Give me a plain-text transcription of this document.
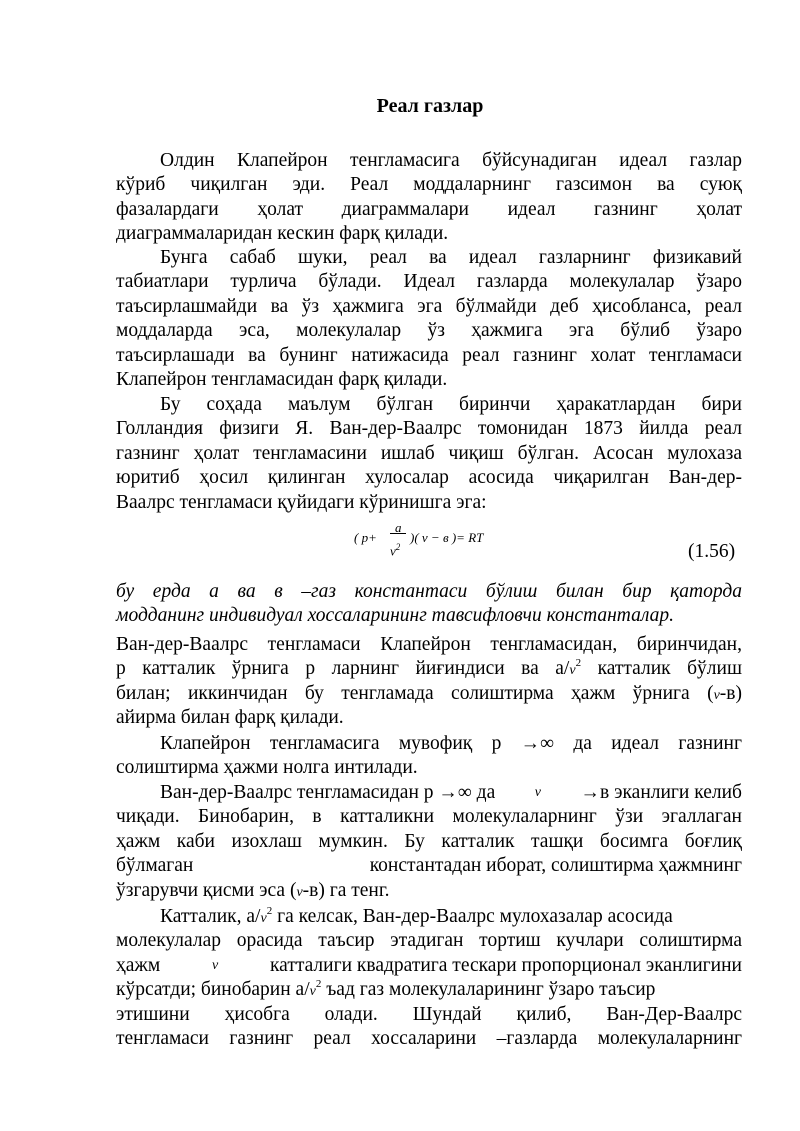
Реал газлар
Олдин Клапейрон тенгламасига бўйсунадиган идеал газлар
кўриб чиқилган эди. Реал моддаларнинг газсимон ва суюқ
фазалардаги ҳолат диаграммалари идеал газнинг ҳолат
диаграммаларидан кескин фарқ қилади.
Бунга сабаб шуки, реал ва идеал газларнинг физикавий
табиатлари турлича бўлади. Идеал газларда молекулалар ўзаро
таъсирлашмайди ва ўз ҳажмига эга бўлмайди деб ҳисобланса, реал
моддаларда эса, молекулалар ўз ҳажмига эга бўлиб ўзаро
таъсирлашади ва бунинг натижасида реал газнинг холат тенгламаси
Клапейрон тенгламасидан фарқ қилади.
Бу соҳада маълум бўлган биринчи ҳаракатлардан бири
Голландия физиги Я. Ван-дер-Ваалрс томонидан 1873 йилда реал
газнинг ҳолат тенгламасини ишлаб чиқиш бўлган. Асосан мулохаза
юритиб ҳосил қилинган хулосалар асосида чиқарилган Ван-дер-
Ваалрс тенгламаси қуйидаги кўринишга эга:
( p+
a
$v^2$
)( v − в )= RT
(1.56)
бу ерда а ва в –газ константаси бўлиш билан бир қаторда
модданинг индивидуал хоссаларининг тавсифловчи константалар.
Ван-дер-Ваалрс тенгламаси Клапейрон тенгламасидан, биринчидан,
р катталик ўрнига р ларнинг йиғиндиси ва $а/\nu^2$ катталик бўлиш
билан; иккинчидан бу тенгламада солиштирма ҳажм ўрнига (ν-в)
айирма билан фарқ қилади.
Клапейрон тенгламасига мувофиқ р →∞ да идеал газнинг
солиштирма ҳажми нолга интилади.
Ван-дер-Ваалрс тенгламасидан р →∞ да	ν →в эканлиги келиб
чиқади. Бинобарин, в катталикни молекулаларнинг ўзи эгаллаган
ҳажм каби изохлаш мумкин. Бу катталик ташқи босимга боғлиқ
бўлмаган	константадан иборат, солиштирма ҳажмнинг
ўзгарувчи қисми эса (ν-в) га тенг.
Катталик, $а/\nu^2$ га келсак, Ван-дер-Ваалрс мулохазалар асосида
молекулалар орасида таъсир этадиган тортиш кучлари солиштирма
ҳажм	ν	катталиги квадратига тескари пропорционал эканлигини
кўрсатди; бинобарин $а/\nu^2$ ъад газ молекулаларининг ўзаро таъсир
этишини ҳисобга олади. Шундай қилиб, Ван-Дер-Ваалрс
тенгламаси газнинг реал хоссаларини –газларда молекулаларнинг
